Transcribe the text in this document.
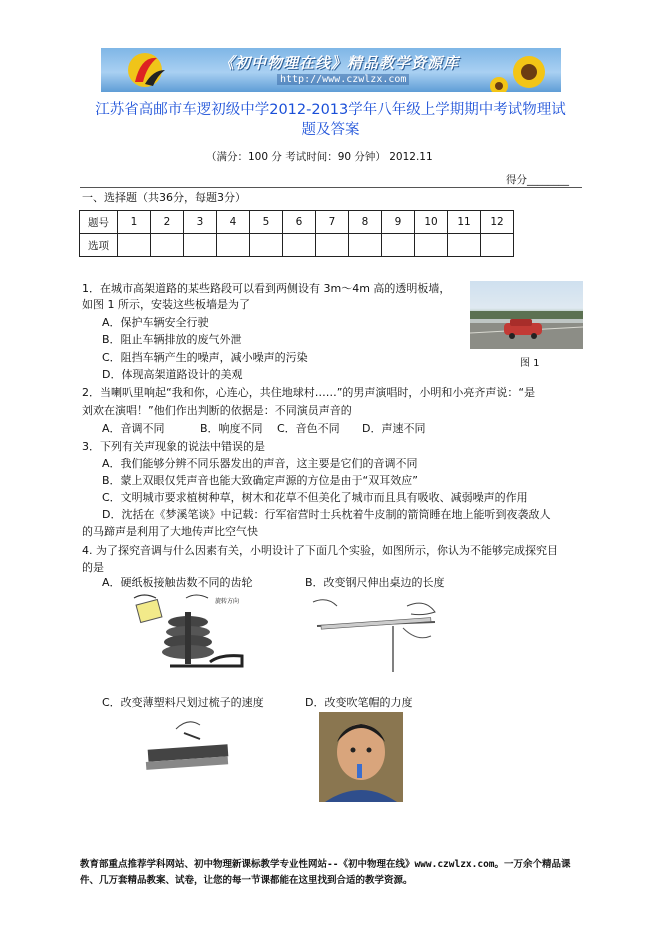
《初中物理在线》精品教学资源库
http://www.czwlzx.com
江苏省高邮市车逻初级中学2012-2013学年八年级上学期期中考试物理试
题及答案
（满分：100 分 考试时间：90 分钟） 2012.11
得分________
一、选择题（共36分，每题3分）
题号	1	2	3	4	5	6	7	8	9	10	11	12
选项												
1．在城市高架道路的某些路段可以看到两侧设有 3m～4m 高的透明板墙，
如图 1 所示，安装这些板墙是为了
A．保护车辆安全行驶
B．阻止车辆排放的废气外泄
C．阻挡车辆产生的噪声，减小噪声的污染
D．体现高架道路设计的美观
图 1
2．当喇叭里响起“我和你，心连心，共住地球村……”的男声演唱时，小明和小亮齐声说：“是
刘欢在演唱！”他们作出判断的依据是：不同演员声音的
A．音调不同	B．响度不同 C．音色不同 D．声速不同
3．下列有关声现象的说法中错误的是
A．我们能够分辨不同乐器发出的声音，这主要是它们的音调不同
B．蒙上双眼仅凭声音也能大致确定声源的方位是由于“双耳效应”
C．文明城市要求植树种草，树木和花草不但美化了城市而且具有吸收、减弱噪声的作用
D．沈括在《梦溪笔谈》中记载：行军宿营时士兵枕着牛皮制的箭筒睡在地上能听到夜袭敌人
的马蹄声是利用了大地传声比空气快
4. 为了探究音调与什么因素有关，小明设计了下面几个实验，如图所示，你认为不能够完成探究目
的是
A．硬纸板接触齿数不同的齿轮	B．改变钢尺伸出桌边的长度
旋转方向
C．改变薄塑料尺划过梳子的速度	D．改变吹笔帽的力度
教育部重点推荐学科网站、初中物理新课标教学专业性网站--《初中物理在线》www.czwlzx.com。一万余个精品课
件、几万套精品教案、试卷，让您的每一节课都能在这里找到合适的教学资源。
